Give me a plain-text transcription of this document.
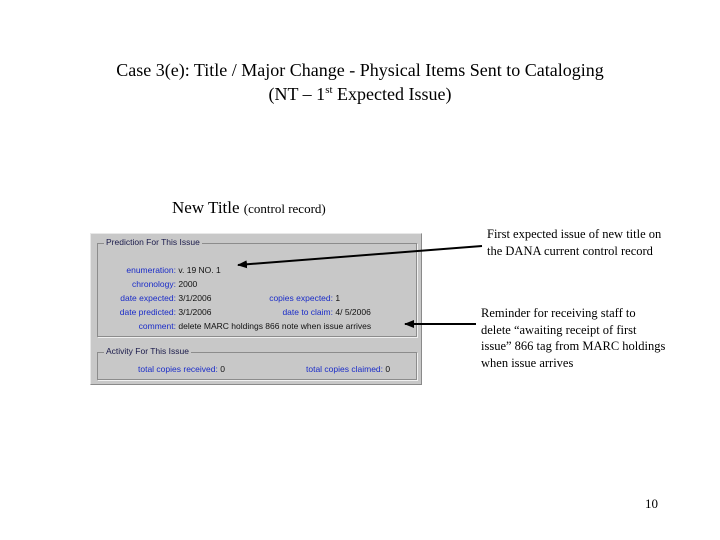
Case 3(e): Title / Major Change - Physical Items Sent to Cataloging
(NT – 1st Expected Issue)
New Title (control record)
Prediction For This Issue
enumeration: v. 19 NO. 1
chronology: 2000
date expected: 3/1/2006	copies expected: 1
date predicted: 3/1/2006	date to claim: 4/ 5/2006
comment: delete MARC holdings 866 note when issue arrives
Activity For This Issue
total copies received: 0	total copies claimed: 0
First expected issue of new title on the DANA current control record
Reminder for receiving staff to delete “awaiting receipt of first issue” 866 tag from MARC holdings when issue arrives
10
